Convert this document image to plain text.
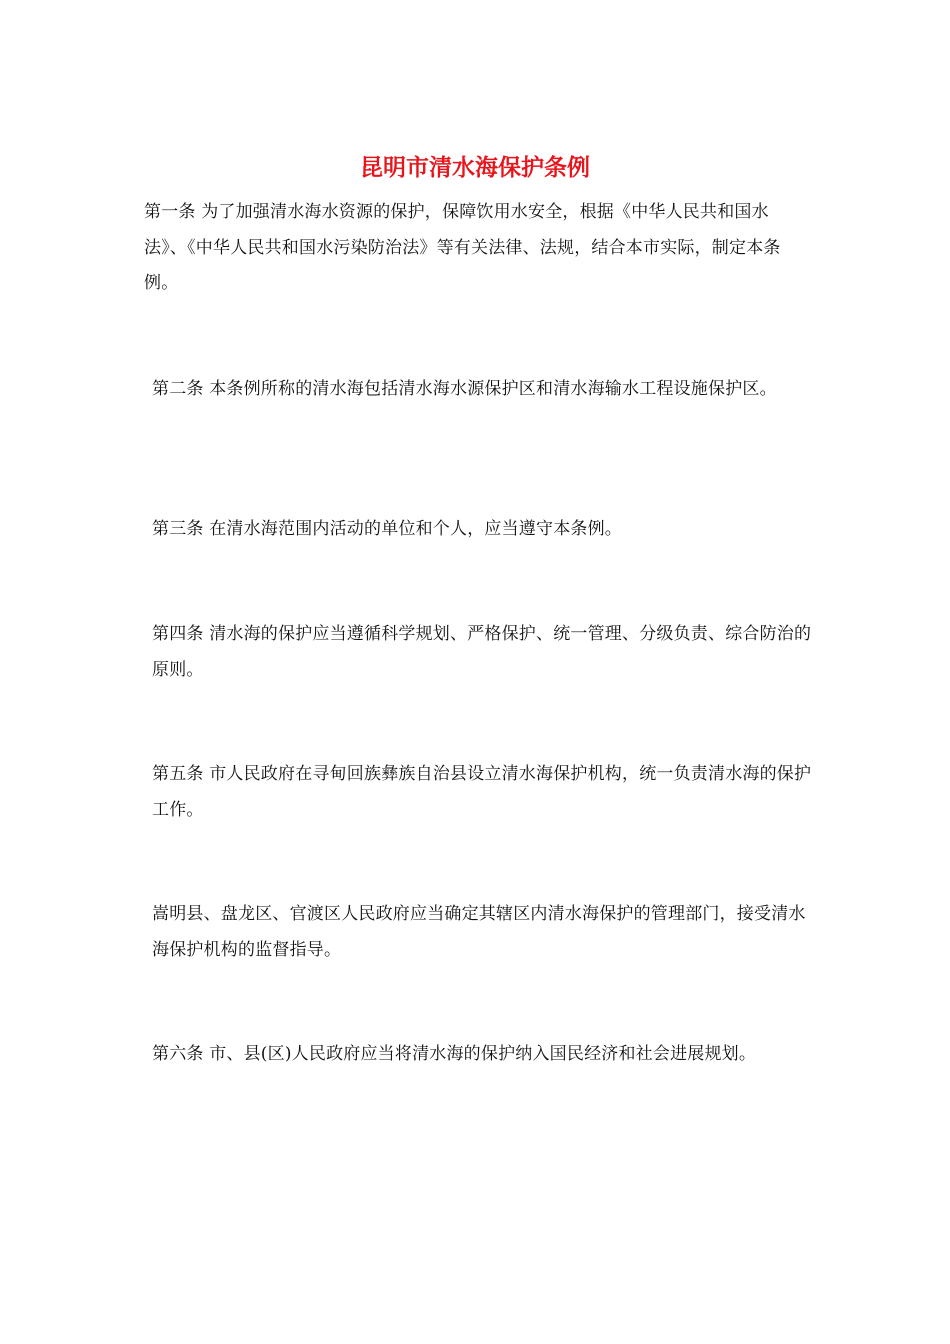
昆明市清水海保护条例

第一条 为了加强清水海水资源的保护，保障饮用水安全，根据《中华人民共和国水法》、《中华人民共和国水污染防治法》等有关法律、法规，结合本市实际，制定本条例。

第二条 本条例所称的清水海包括清水海水源保护区和清水海输水工程设施保护区。

第三条 在清水海范围内活动的单位和个人，应当遵守本条例。

第四条 清水海的保护应当遵循科学规划、严格保护、统一管理、分级负责、综合防治的原则。

第五条 市人民政府在寻甸回族彝族自治县设立清水海保护机构，统一负责清水海的保护工作。

嵩明县、盘龙区、官渡区人民政府应当确定其辖区内清水海保护的管理部门，接受清水海保护机构的监督指导。

第六条 市、县(区)人民政府应当将清水海的保护纳入国民经济和社会进展规划。
